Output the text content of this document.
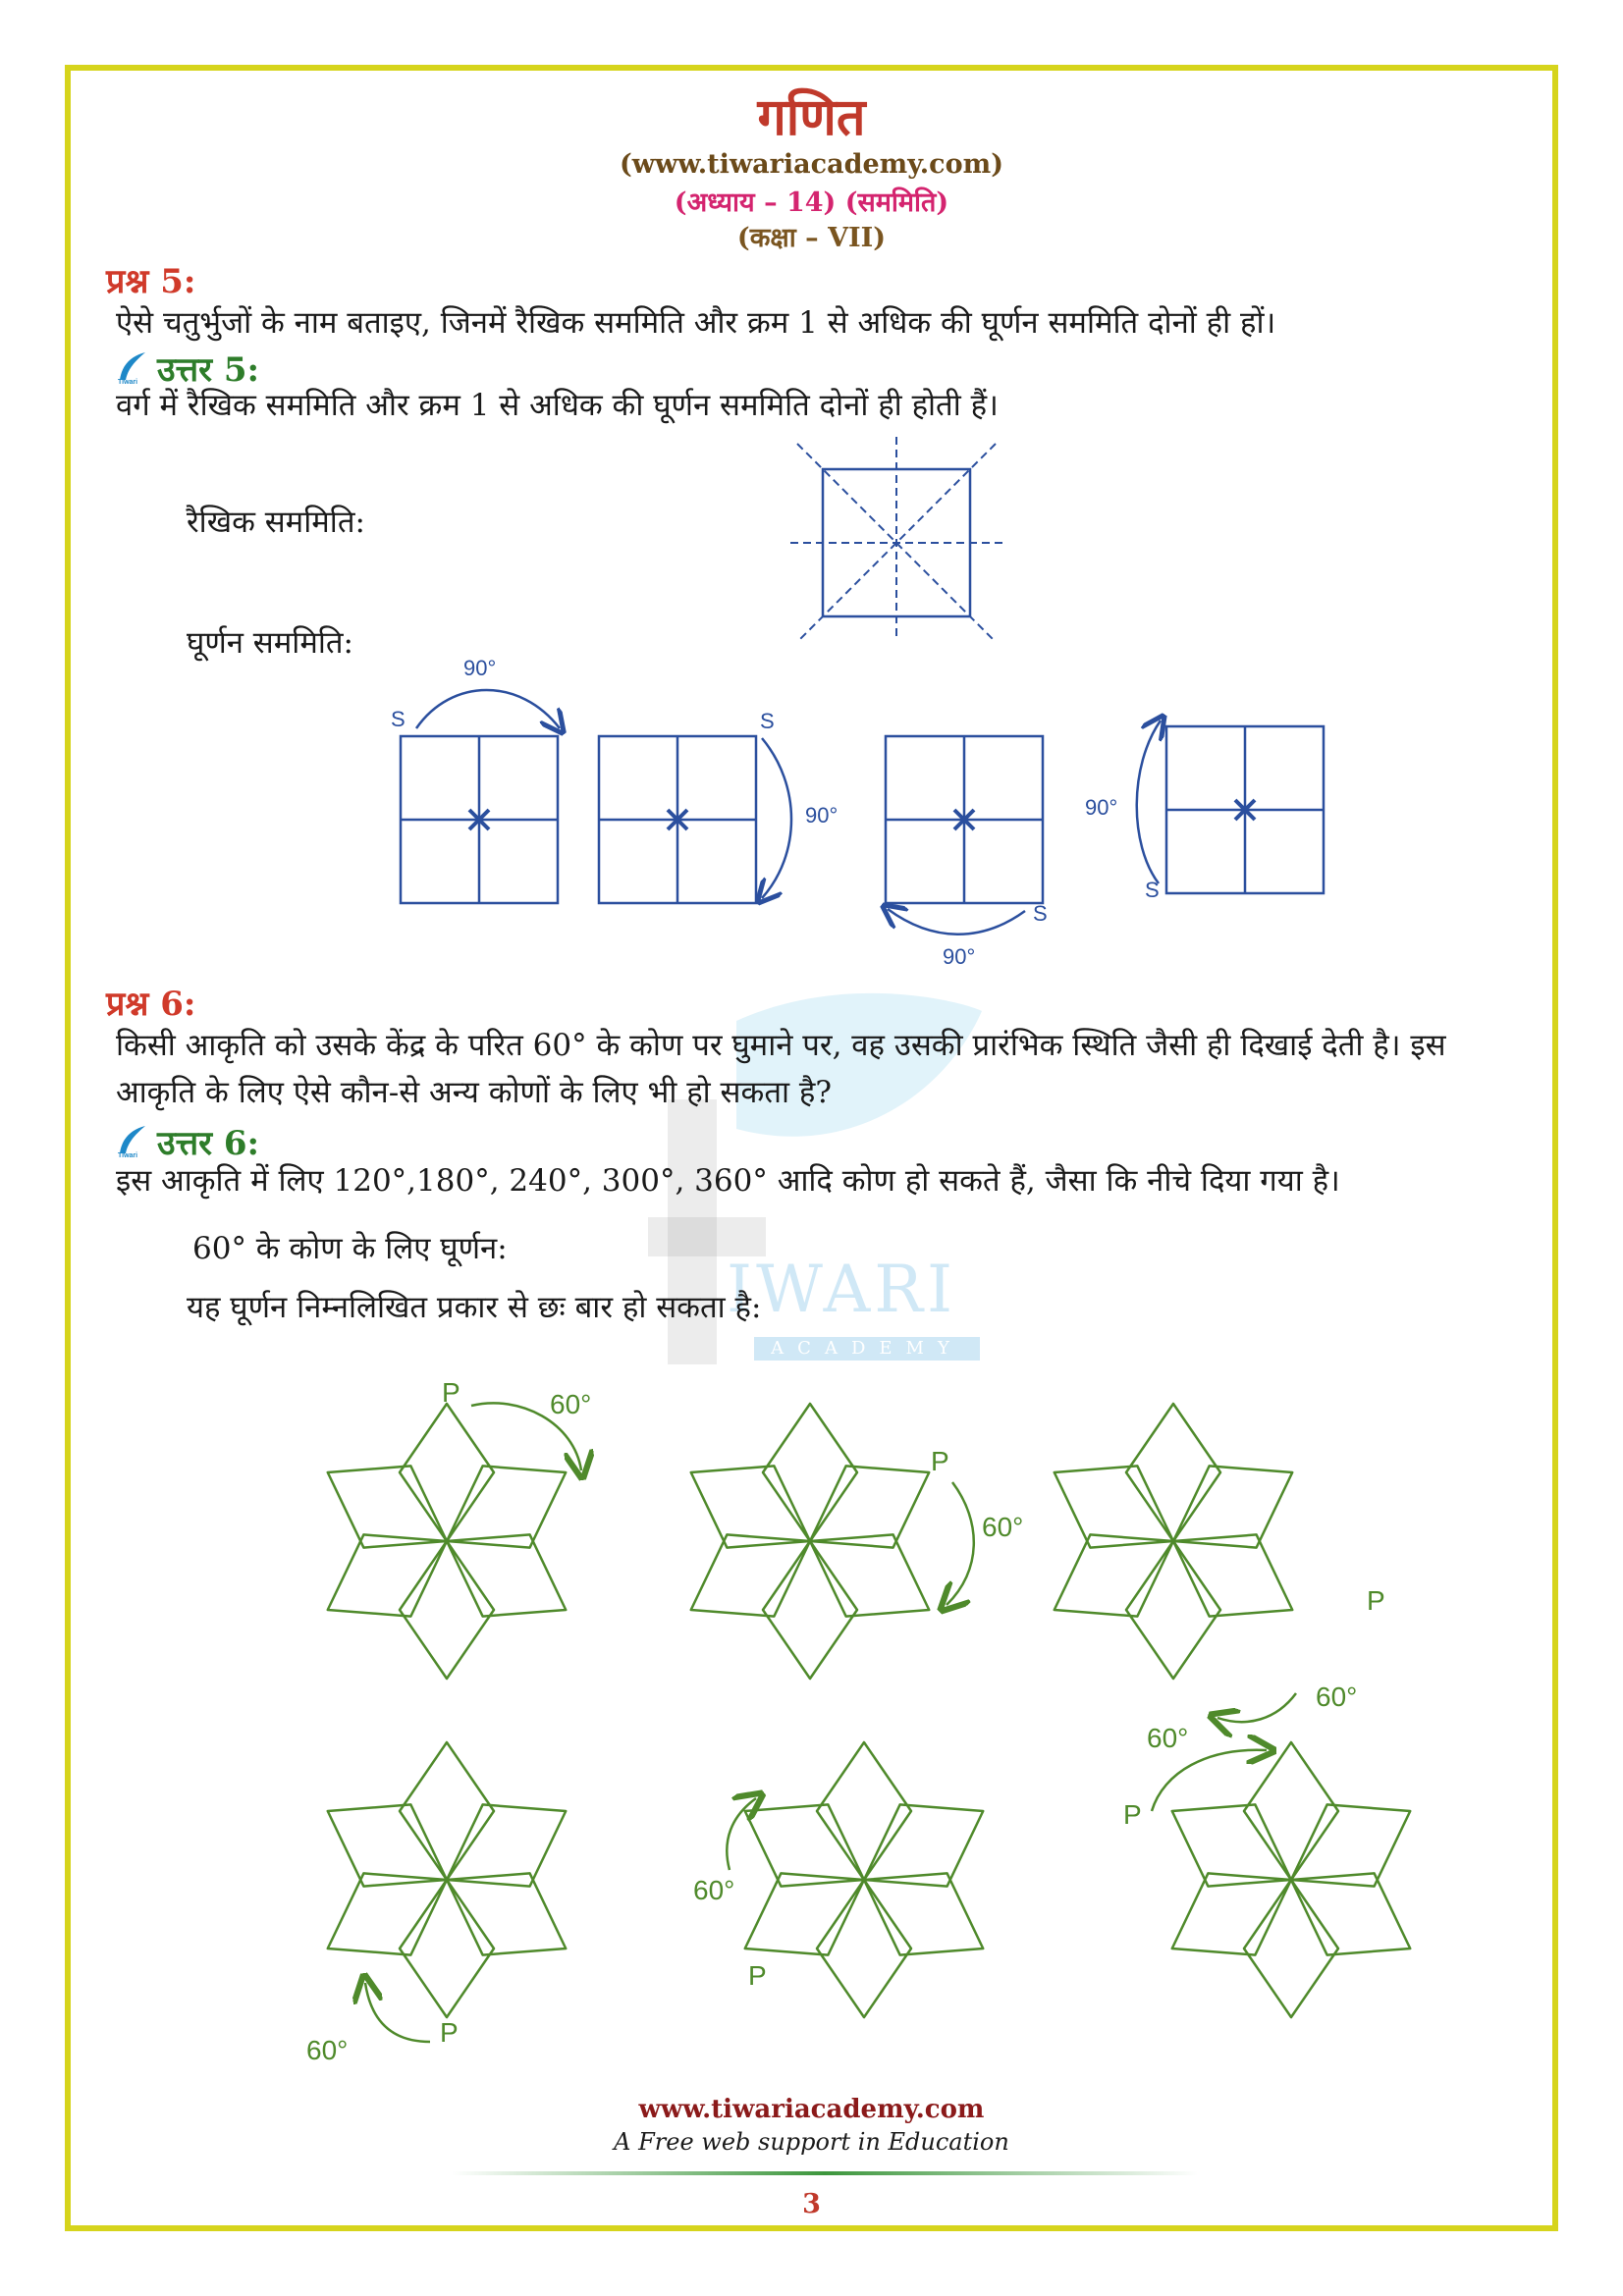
IWARI
ACADEMY
गणित
(www.tiwariacademy.com)
(अध्याय – 14) (सममिति)
(कक्षा – VII)
प्रश्न 5:
ऐसे चतुर्भुजों के नाम बताइए, जिनमें रैखिक सममिति और क्रम 1 से अधिक की घूर्णन सममिति दोनों ही हों।
Tiwari उत्तर 5:
वर्ग में रैखिक सममिति और क्रम 1 से अधिक की घूर्णन सममिति दोनों ही होती हैं।
रैखिक सममिति:
घूर्णन सममिति:
90°
S	S
90°
S
90°
90°
S
प्रश्न 6:
किसी आकृति को उसके केंद्र के परित 60° के कोण पर घुमाने पर, वह उसकी प्रारंभिक स्थिति जैसी ही दिखाई देती है। इस
आकृति के लिए ऐसे कौन-से अन्य कोणों के लिए भी हो सकता है?
Tiwari उत्तर 6:
इस आकृति में लिए 120°,180°, 240°, 300°, 360° आदि कोण हो सकते हैं, जैसा कि नीचे दिया गया है।
60° के कोण के लिए घूर्णन:
यह घूर्णन निम्नलिखित प्रकार से छः बार हो सकता है:
P	60°
P
60°
P
60°
P
60°
60°
P
60°
P
www.tiwariacademy.com
A Free web support in Education
3
